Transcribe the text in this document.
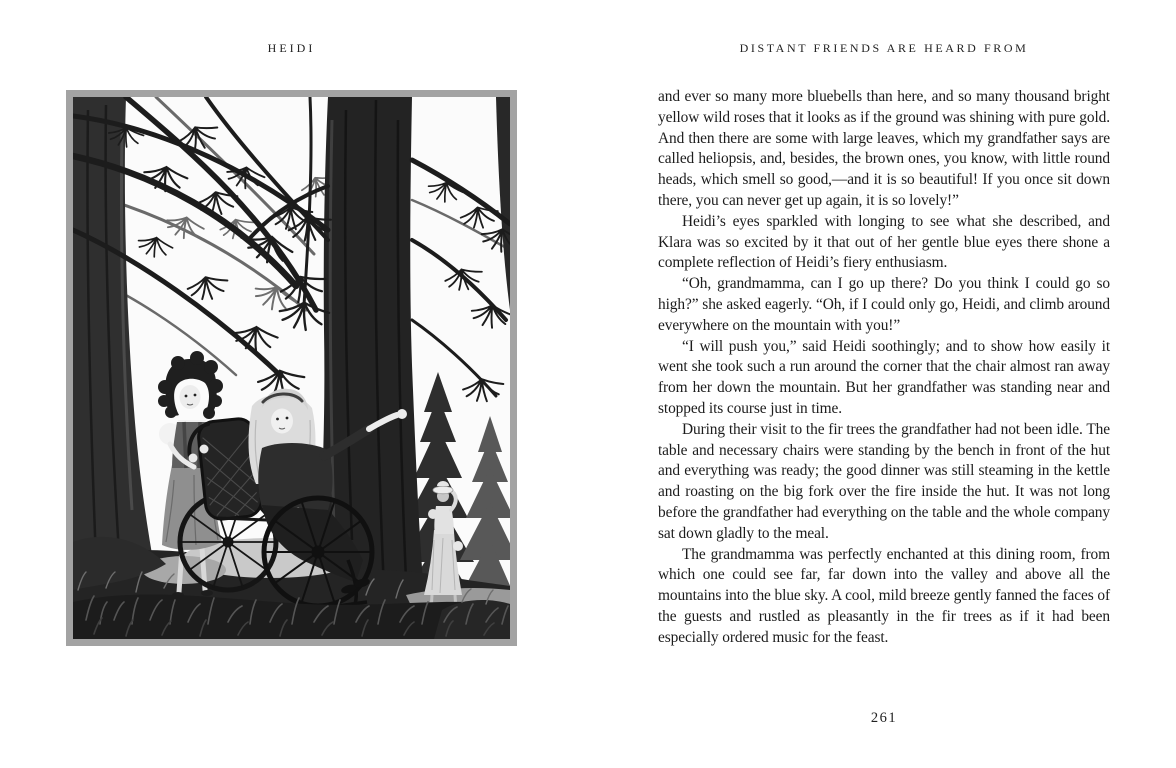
HEIDI	DISTANT FRIENDS ARE HEARD FROM

and ever so many more bluebells than here, and so many thousand bright yellow wild roses that it looks as if the ground was shining with pure gold. And then there are some with large leaves, which my grandfather says are called heliopsis, and, besides, the brown ones, you know, with little round heads, which smell so good,—and it is so beautiful! If you once sit down there, you can never get up again, it is so lovely!”

Heidi’s eyes sparkled with longing to see what she described, and Klara was so excited by it that out of her gentle blue eyes there shone a complete reflection of Heidi’s fiery enthusiasm.

“Oh, grandmamma, can I go up there? Do you think I could go so high?” she asked eagerly. “Oh, if I could only go, Heidi, and climb around everywhere on the mountain with you!”

“I will push you,” said Heidi soothingly; and to show how easily it went she took such a run around the corner that the chair almost ran away from her down the mountain. But her grandfather was standing near and stopped its course just in time.

During their visit to the fir trees the grandfather had not been idle. The table and necessary chairs were standing by the bench in front of the hut and everything was ready; the good dinner was still steaming in the kettle and roasting on the big fork over the fire inside the hut. It was not long before the grandfather had everything on the table and the whole company sat down gladly to the meal.

The grandmamma was perfectly enchanted at this dining room, from which one could see far, far down into the valley and above all the mountains into the blue sky. A cool, mild breeze gently fanned the faces of the guests and rustled as pleasantly in the fir trees as if it had been especially ordered music for the feast.

261
